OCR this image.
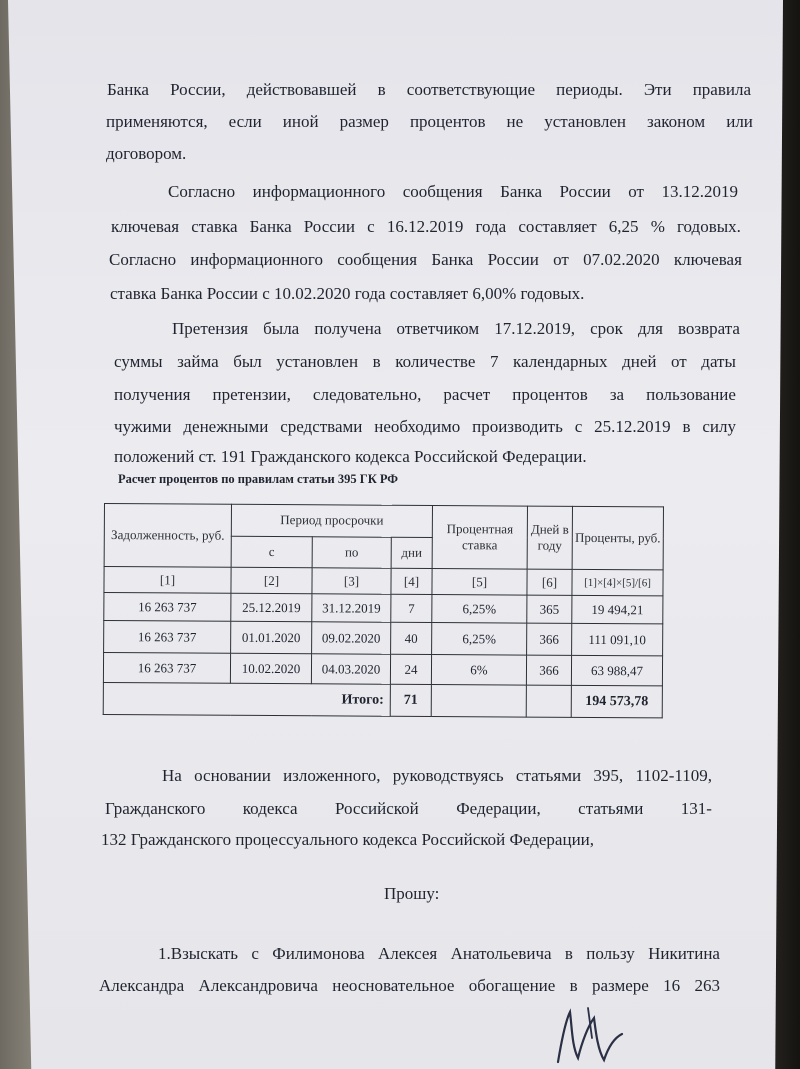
Банка России, действовавшей в соответствующие периоды. Эти правила
применяются, если иной размер процентов не установлен законом или
договором.
Согласно информационного сообщения Банка России от 13.12.2019
ключевая ставка Банка России с 16.12.2019 года составляет 6,25 % годовых.
Согласно информационного сообщения Банка России от 07.02.2020 ключевая
ставка Банка России с 10.02.2020 года составляет 6,00% годовых.
Претензия была получена ответчиком 17.12.2019, срок для возврата
суммы займа был установлен в количестве 7 календарных дней от даты
получения претензии, следовательно, расчет процентов за пользование
чужими денежными средствами необходимо производить с 25.12.2019 в силу
положений ст. 191 Гражданского кодекса Российской Федерации.
Расчет процентов по правилам статьи 395 ГК РФ
Задолженность, руб.	Период просрочки			Процентная ставка	Дней в году	Проценты, руб.
	с	по	дни			
[1]	[2]	[3]	[4]	[5]	[6]	[1]×[4]×[5]/[6]
16 263 737	25.12.2019	31.12.2019	7	6,25%	365	19 494,21
16 263 737	01.01.2020	09.02.2020	40	6,25%	366	111 091,10
16 263 737	10.02.2020	04.03.2020	24	6%	366	63 988,47
Итого:			71			194 573,78
На основании изложенного, руководствуясь статьями 395, 1102-1109,
Гражданского кодекса Российской Федерации, статьями 131-
132 Гражданского процессуального кодекса Российской Федерации,
Прошу:
1.Взыскать с Филимонова Алексея Анатольевича в пользу Никитина
Александра Александровича неосновательное обогащение в размере 16 263
